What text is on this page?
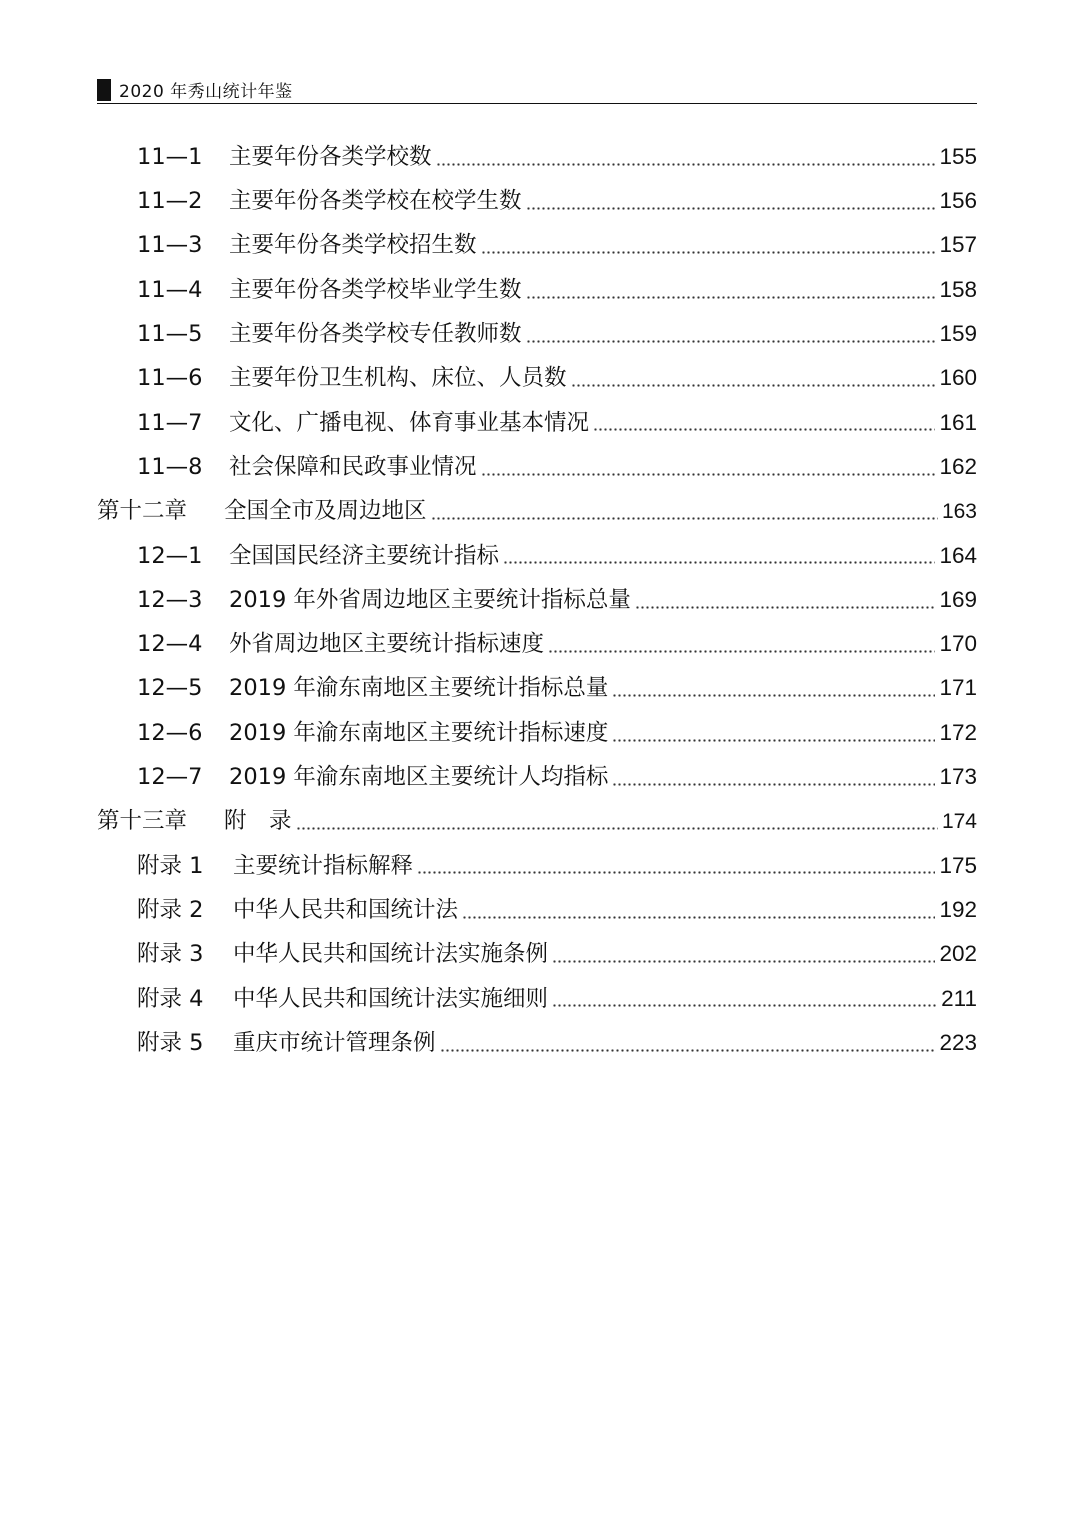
2020 年秀山统计年鉴
11—1	主要年份各类学校数	155
11—2	主要年份各类学校在校学生数	156
11—3	主要年份各类学校招生数	157
11—4	主要年份各类学校毕业学生数	158
11—5	主要年份各类学校专任教师数	159
11—6	主要年份卫生机构、床位、人员数	160
11—7	文化、广播电视、体育事业基本情况	161
11—8	社会保障和民政事业情况	162
第十二章	全国全市及周边地区	163
12—1	全国国民经济主要统计指标	164
12—3	2019 年外省周边地区主要统计指标总量	169
12—4	外省周边地区主要统计指标速度	170
12—5	2019 年渝东南地区主要统计指标总量	171
12—6	2019 年渝东南地区主要统计指标速度	172
12—7	2019 年渝东南地区主要统计人均指标	173
第十三章	附　录	174
附录 1	主要统计指标解释	175
附录 2	中华人民共和国统计法	192
附录 3	中华人民共和国统计法实施条例	202
附录 4	中华人民共和国统计法实施细则	211
附录 5	重庆市统计管理条例	223
